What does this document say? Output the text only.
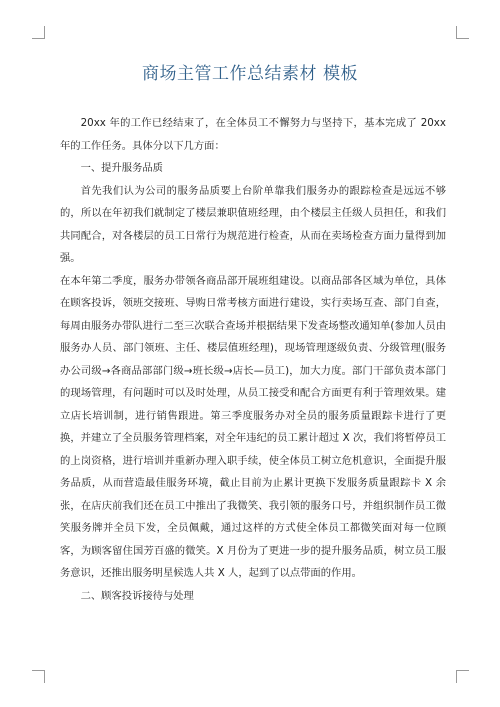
商场主管工作总结素材 模板

20xx 年的工作已经结束了，在全体员工不懈努力与坚持下，基本完成了 20xx 年的工作任务。具体分以下几方面：

一、提升服务品质

首先我们认为公司的服务品质要上台阶单靠我们服务办的跟踪检查是远远不够的，所以在年初我们就制定了楼层兼职值班经理，由个楼层主任级人员担任，和我们共同配合，对各楼层的员工日常行为规范进行检查，从而在卖场检查方面力量得到加强。

在本年第二季度，服务办带领各商品部开展班组建设。以商品部各区域为单位，具体在顾客投诉，领班交接班、导购日常考核方面进行建设，实行卖场互查、部门自查，每周由服务办带队进行二至三次联合查场并根据结果下发查场整改通知单(参加人员由服务办人员、部门领班、主任、楼层值班经理)，现场管理逐级负责、分级管理(服务办公司级→各商品部部门级→班长级→店长—员工)，加大力度。部门干部负责本部门的现场管理，有问题时可以及时处理，从员工接受和配合方面更有利于管理效果。建立店长培训制，进行销售跟进。第三季度服务办对全员的服务质量跟踪卡进行了更换，并建立了全员服务管理档案，对全年违纪的员工累计超过 X 次，我们将暂停员工的上岗资格，进行培训并重新办理入职手续，使全体员工树立危机意识，全面提升服务品质，从而营造最佳服务环境，截止目前为止累计更换下发服务质量跟踪卡 X 余张，在店庆前我们还在员工中推出了我微笑、我引领的服务口号，并组织制作员工微笑服务牌并全员下发，全员佩戴，通过这样的方式使全体员工都微笑面对每一位顾客，为顾客留住国芳百盛的微笑。X 月份为了更进一步的提升服务品质，树立员工服务意识，还推出服务明星候选人共 X 人，起到了以点带面的作用。

二、顾客投诉接待与处理
